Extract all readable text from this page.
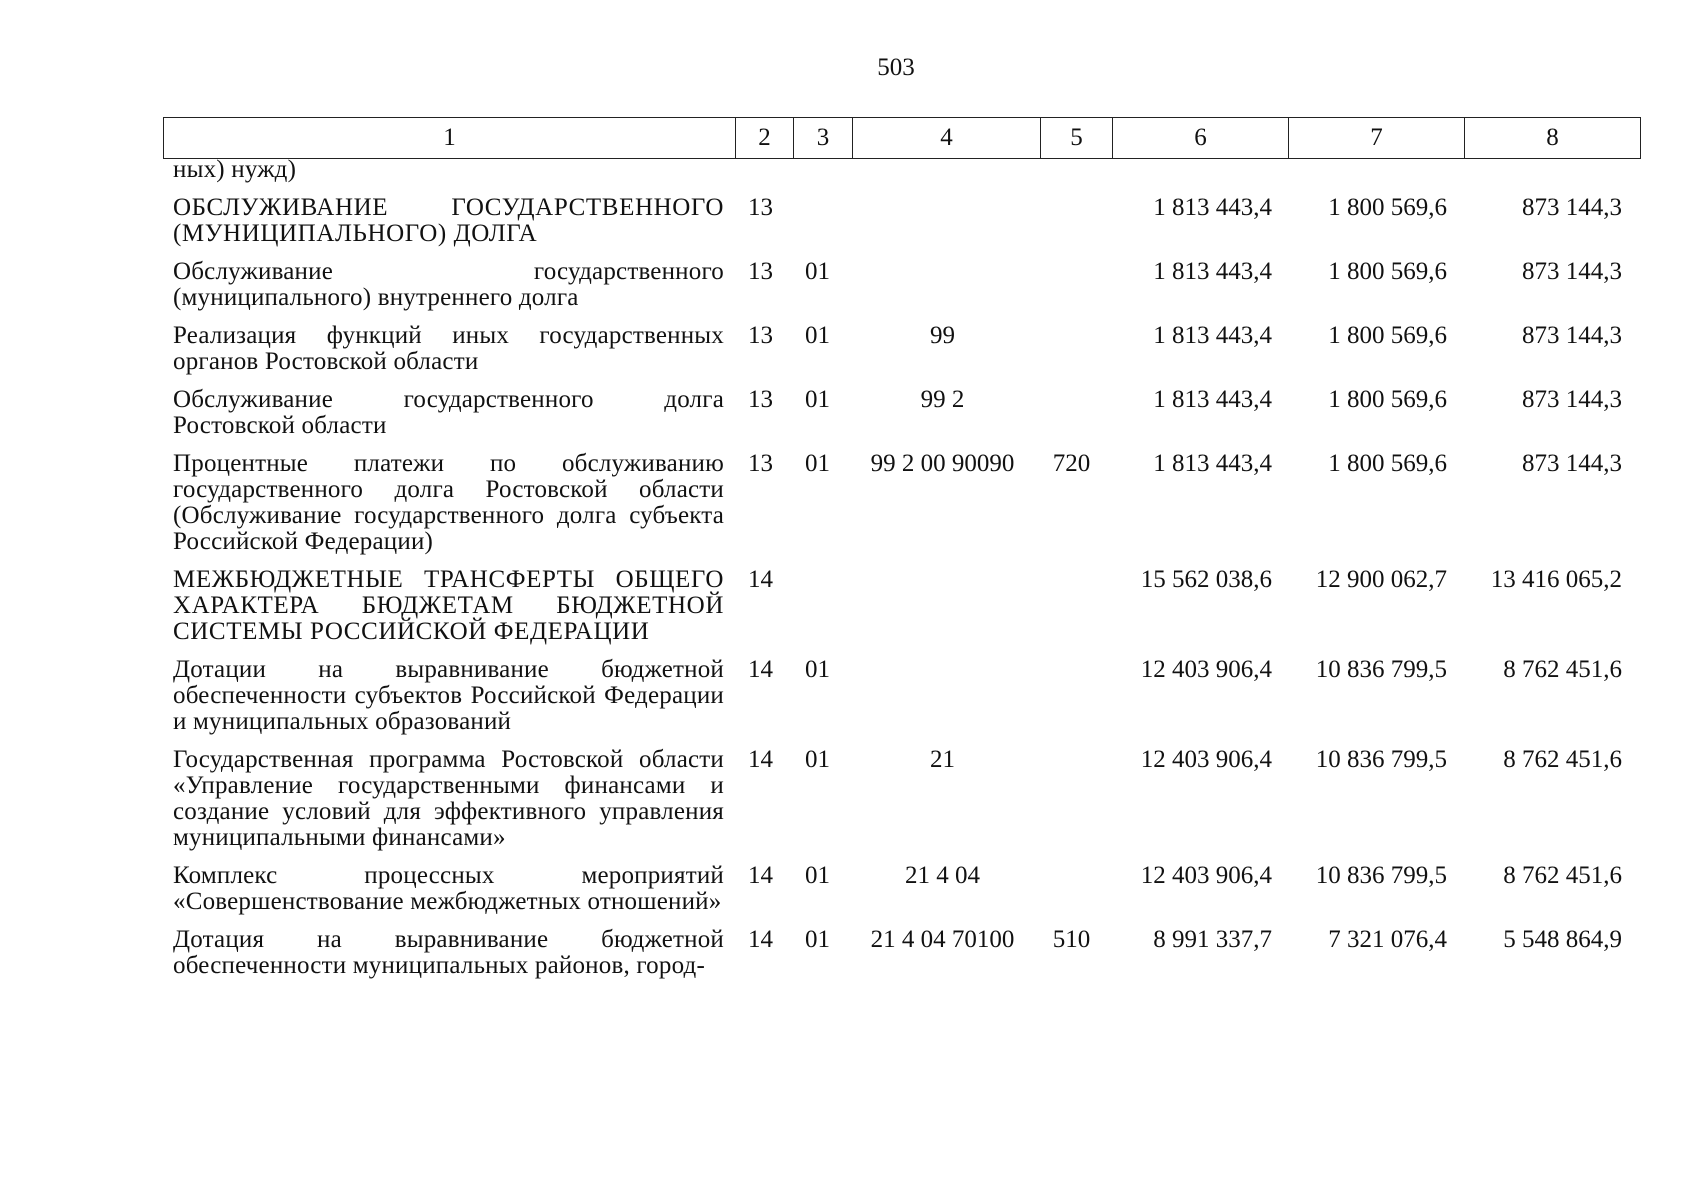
503
1	2	3	4	5	6	7	8
ных) нужд)							
ОБСЛУЖИВАНИЕ ГОСУДАРСТВЕННОГО (МУНИЦИПАЛЬНОГО) ДОЛГА	13				1 813 443,4	1 800 569,6	873 144,3
Обслуживание государственного (муниципального) внутреннего долга	13	01			1 813 443,4	1 800 569,6	873 144,3
Реализация функций иных государственных органов Ростовской области	13	01	99		1 813 443,4	1 800 569,6	873 144,3
Обслуживание государственного долга Ростовской области	13	01	99 2		1 813 443,4	1 800 569,6	873 144,3
Процентные платежи по обслуживанию государственного долга Ростовской области (Обслуживание государственного долга субъекта Российской Федерации)	13	01	99 2 00 90090	720	1 813 443,4	1 800 569,6	873 144,3
МЕЖБЮДЖЕТНЫЕ ТРАНСФЕРТЫ ОБЩЕГО ХАРАКТЕРА БЮДЖЕТАМ БЮДЖЕТНОЙ СИСТЕМЫ РОССИЙСКОЙ ФЕДЕРАЦИИ	14				15 562 038,6	12 900 062,7	13 416 065,2
Дотации на выравнивание бюджетной обеспеченности субъектов Российской Федерации и муниципальных образований	14	01			12 403 906,4	10 836 799,5	8 762 451,6
Государственная программа Ростовской области «Управление государственными финансами и создание условий для эффективного управления муниципальными финансами»	14	01	21		12 403 906,4	10 836 799,5	8 762 451,6
Комплекс процессных мероприятий «Совершенствование межбюджетных отношений»	14	01	21 4 04		12 403 906,4	10 836 799,5	8 762 451,6
Дотация на выравнивание бюджетной обеспеченности муниципальных районов, город-	14	01	21 4 04 70100	510	8 991 337,7	7 321 076,4	5 548 864,9
